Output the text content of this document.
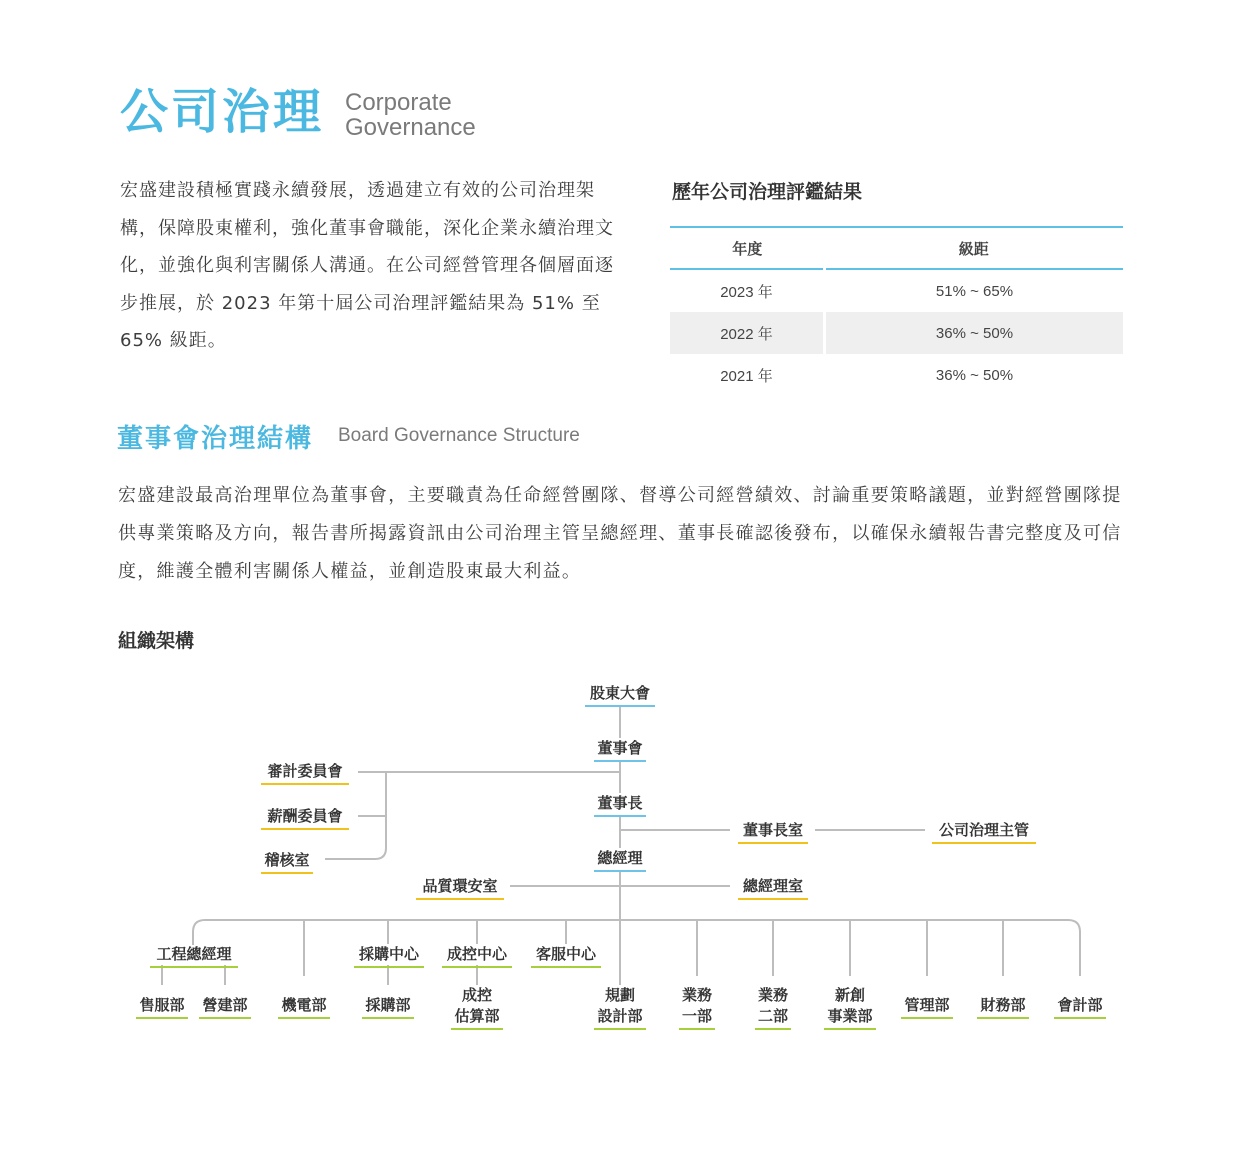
公司治理 Corporate
Governance

宏盛建設積極實踐永續發展，透過建立有效的公司治理架構，保障股東權利，強化董事會職能，深化企業永續治理文化，並強化與利害關係人溝通。在公司經營管理各個層面逐步推展，於 2023 年第十屆公司治理評鑑結果為 51% 至 65% 級距。

歷年公司治理評鑑結果
年度	級距
2023 年	51% ~ 65%
2022 年	36% ~ 50%
2021 年	36% ~ 50%
董事會治理結構 Board Governance Structure

宏盛建設最高治理單位為董事會，主要職責為任命經營團隊、督導公司經營績效、討論重要策略議題，並對經營團隊提供專業策略及方向，報告書所揭露資訊由公司治理主管呈總經理、董事長確認後發布，以確保永續報告書完整度及可信度，維護全體利害關係人權益，並創造股東最大利益。

組織架構
股東大會
董事會
董事長
總經理
審計委員會
薪酬委員會
稽核室
董事長室	公司治理主管
品質環安室	總經理室
工程總經理	採購中心	成控中心	客服中心
售服部 營建部 機電部	採購部
成控
估算部
規劃
設計部
業務
一部
業務
二部
新創
事業部
管理部 財務部 會計部
